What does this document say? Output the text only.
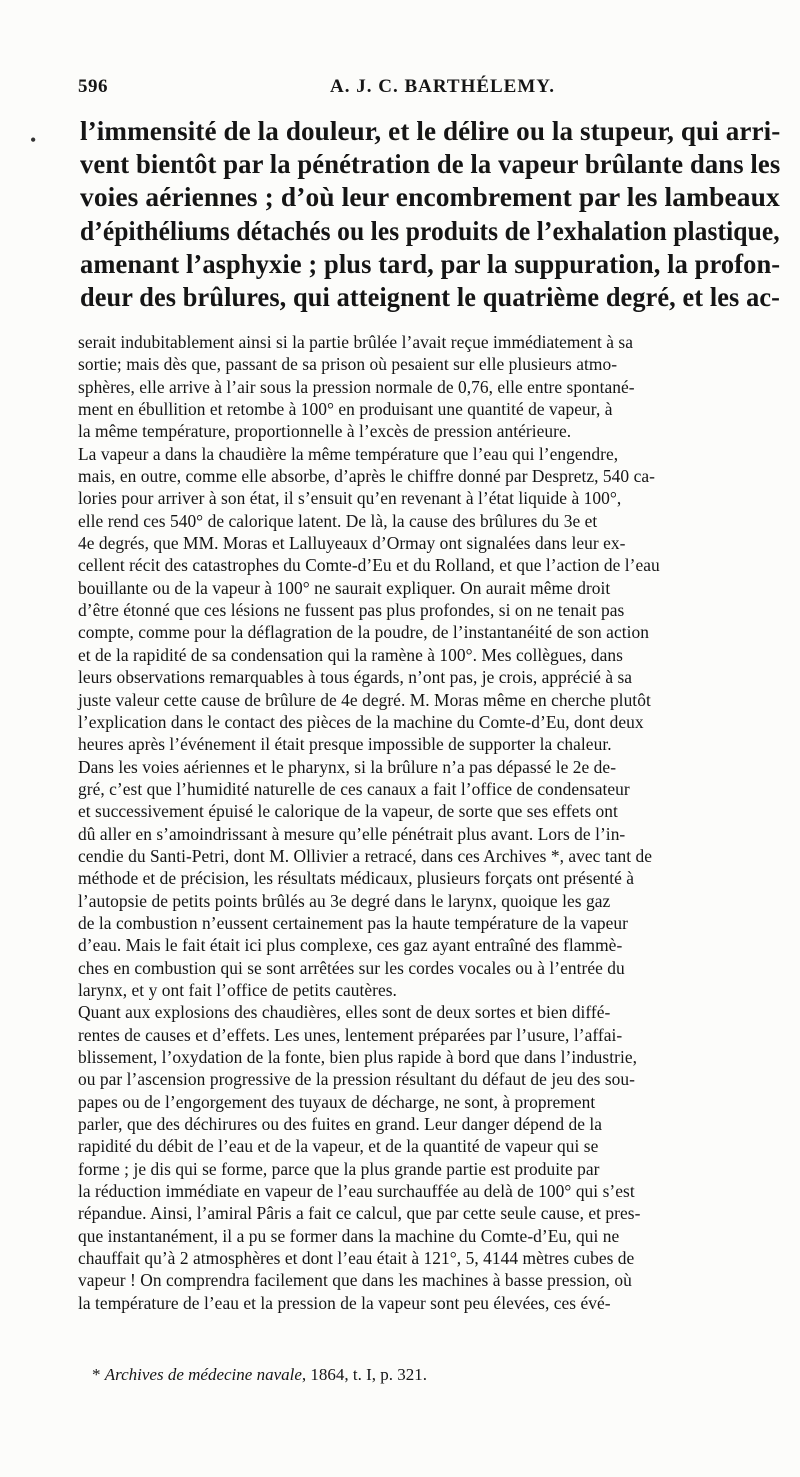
596	A. J. C. BARTHÉLEMY.
• l’immensité de la douleur, et le délire ou la stupeur, qui arri-
vent bientôt par la pénétration de la vapeur brûlante dans les
voies aériennes ; d’où leur encombrement par les lambeaux
d’épithéliums détachés ou les produits de l’exhalation plastique,
amenant l’asphyxie ; plus tard, par la suppuration, la profon-
deur des brûlures, qui atteignent le quatrième degré, et les ac-
serait indubitablement ainsi si la partie brûlée l’avait reçue immédiatement à sa
sortie; mais dès que, passant de sa prison où pesaient sur elle plusieurs atmo-
sphères, elle arrive à l’air sous la pression normale de 0,76, elle entre spontané-
ment en ébullition et retombe à 100° en produisant une quantité de vapeur, à
la même température, proportionnelle à l’excès de pression antérieure.
La vapeur a dans la chaudière la même température que l’eau qui l’engendre,
mais, en outre, comme elle absorbe, d’après le chiffre donné par Despretz, 540 ca-
lories pour arriver à son état, il s’ensuit qu’en revenant à l’état liquide à 100°,
elle rend ces 540° de calorique latent. De là, la cause des brûlures du 3e et
4e degrés, que MM. Moras et Lalluyeaux d’Ormay ont signalées dans leur ex-
cellent récit des catastrophes du Comte-d’Eu et du Rolland, et que l’action de l’eau
bouillante ou de la vapeur à 100° ne saurait expliquer. On aurait même droit
d’être étonné que ces lésions ne fussent pas plus profondes, si on ne tenait pas
compte, comme pour la déflagration de la poudre, de l’instantanéité de son action
et de la rapidité de sa condensation qui la ramène à 100°. Mes collègues, dans
leurs observations remarquables à tous égards, n’ont pas, je crois, apprécié à sa
juste valeur cette cause de brûlure de 4e degré. M. Moras même en cherche plutôt
l’explication dans le contact des pièces de la machine du Comte-d’Eu, dont deux
heures après l’événement il était presque impossible de supporter la chaleur.
Dans les voies aériennes et le pharynx, si la brûlure n’a pas dépassé le 2e de-
gré, c’est que l’humidité naturelle de ces canaux a fait l’office de condensateur
et successivement épuisé le calorique de la vapeur, de sorte que ses effets ont
dû aller en s’amoindrissant à mesure qu’elle pénétrait plus avant. Lors de l’in-
cendie du Santi-Petri, dont M. Ollivier a retracé, dans ces Archives *, avec tant de
méthode et de précision, les résultats médicaux, plusieurs forçats ont présenté à
l’autopsie de petits points brûlés au 3e degré dans le larynx, quoique les gaz
de la combustion n’eussent certainement pas la haute température de la vapeur
d’eau. Mais le fait était ici plus complexe, ces gaz ayant entraîné des flammè-
ches en combustion qui se sont arrêtées sur les cordes vocales ou à l’entrée du
larynx, et y ont fait l’office de petits cautères.
Quant aux explosions des chaudières, elles sont de deux sortes et bien diffé-
rentes de causes et d’effets. Les unes, lentement préparées par l’usure, l’affai-
blissement, l’oxydation de la fonte, bien plus rapide à bord que dans l’industrie,
ou par l’ascension progressive de la pression résultant du défaut de jeu des sou-
papes ou de l’engorgement des tuyaux de décharge, ne sont, à proprement
parler, que des déchirures ou des fuites en grand. Leur danger dépend de la
rapidité du débit de l’eau et de la vapeur, et de la quantité de vapeur qui se
forme ; je dis qui se forme, parce que la plus grande partie est produite par
la réduction immédiate en vapeur de l’eau surchauffée au delà de 100° qui s’est
répandue. Ainsi, l’amiral Pâris a fait ce calcul, que par cette seule cause, et pres-
que instantanément, il a pu se former dans la machine du Comte-d’Eu, qui ne
chauffait qu’à 2 atmosphères et dont l’eau était à 121°, 5, 4144 mètres cubes de
vapeur ! On comprendra facilement que dans les machines à basse pression, où
la température de l’eau et la pression de la vapeur sont peu élevées, ces évé-
* Archives de médecine navale, 1864, t. I, p. 321.
